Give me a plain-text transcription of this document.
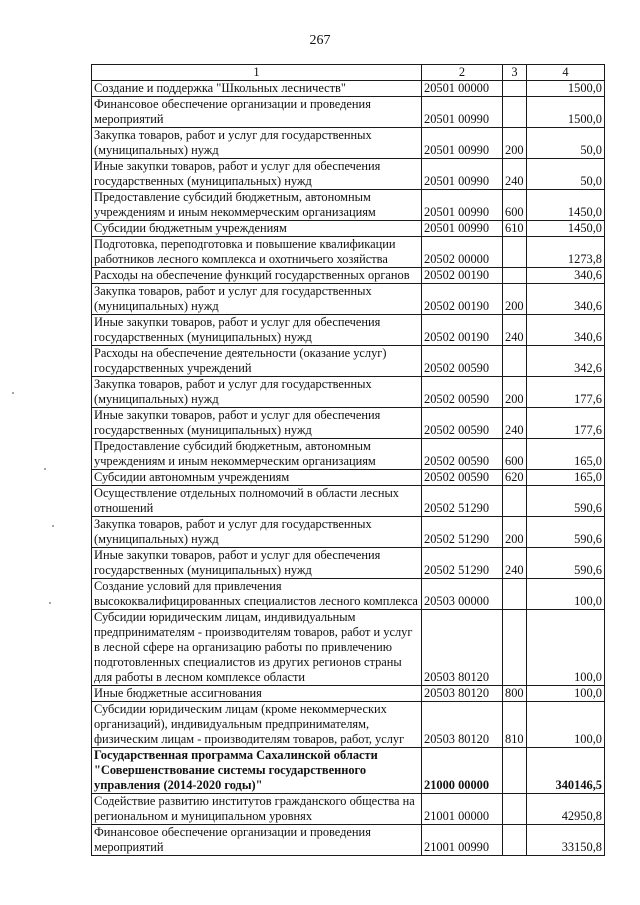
267
1	2	3	4
Создание и поддержка "Школьных лесничеств"	20501 00000		1500,0
Финансовое обеспечение организации и проведения мероприятий	20501 00990		1500,0
Закупка товаров, работ и услуг для государственных (муниципальных) нужд	20501 00990	200	50,0
Иные закупки товаров, работ и услуг для обеспечения государственных (муниципальных) нужд	20501 00990	240	50,0
Предоставление субсидий бюджетным, автономным учреждениям и иным некоммерческим организациям	20501 00990	600	1450,0
Субсидии бюджетным учреждениям	20501 00990	610	1450,0
Подготовка, переподготовка и повышение квалификации работников лесного комплекса и охотничьего хозяйства	20502 00000		1273,8
Расходы на обеспечение функций государственных органов	20502 00190		340,6
Закупка товаров, работ и услуг для государственных (муниципальных) нужд	20502 00190	200	340,6
Иные закупки товаров, работ и услуг для обеспечения государственных (муниципальных) нужд	20502 00190	240	340,6
Расходы на обеспечение деятельности (оказание услуг) государственных учреждений	20502 00590		342,6
Закупка товаров, работ и услуг для государственных (муниципальных) нужд	20502 00590	200	177,6
Иные закупки товаров, работ и услуг для обеспечения государственных (муниципальных) нужд	20502 00590	240	177,6
Предоставление субсидий бюджетным, автономным учреждениям и иным некоммерческим организациям	20502 00590	600	165,0
Субсидии автономным учреждениям	20502 00590	620	165,0
Осуществление отдельных полномочий в области лесных отношений	20502 51290		590,6
Закупка товаров, работ и услуг для государственных (муниципальных) нужд	20502 51290	200	590,6
Иные закупки товаров, работ и услуг для обеспечения государственных (муниципальных) нужд	20502 51290	240	590,6
Создание условий для привлечения высококвалифицированных специалистов лесного комплекса	20503 00000		100,0
Субсидии юридическим лицам, индивидуальным предпринимателям - производителям товаров, работ и услуг в лесной сфере на организацию работы по привлечению подготовленных специалистов из других регионов страны для работы в лесном комплексе области	20503 80120		100,0
Иные бюджетные ассигнования	20503 80120	800	100,0
Субсидии юридическим лицам (кроме некоммерческих организаций), индивидуальным предпринимателям, физическим лицам - производителям товаров, работ, услуг	20503 80120	810	100,0
Государственная программа Сахалинской области "Совершенствование системы государственного управления (2014-2020 годы)"	21000 00000		340146,5
Содействие развитию институтов гражданского общества на региональном и муниципальном уровнях	21001 00000		42950,8
Финансовое обеспечение организации и проведения мероприятий	21001 00990		33150,8
